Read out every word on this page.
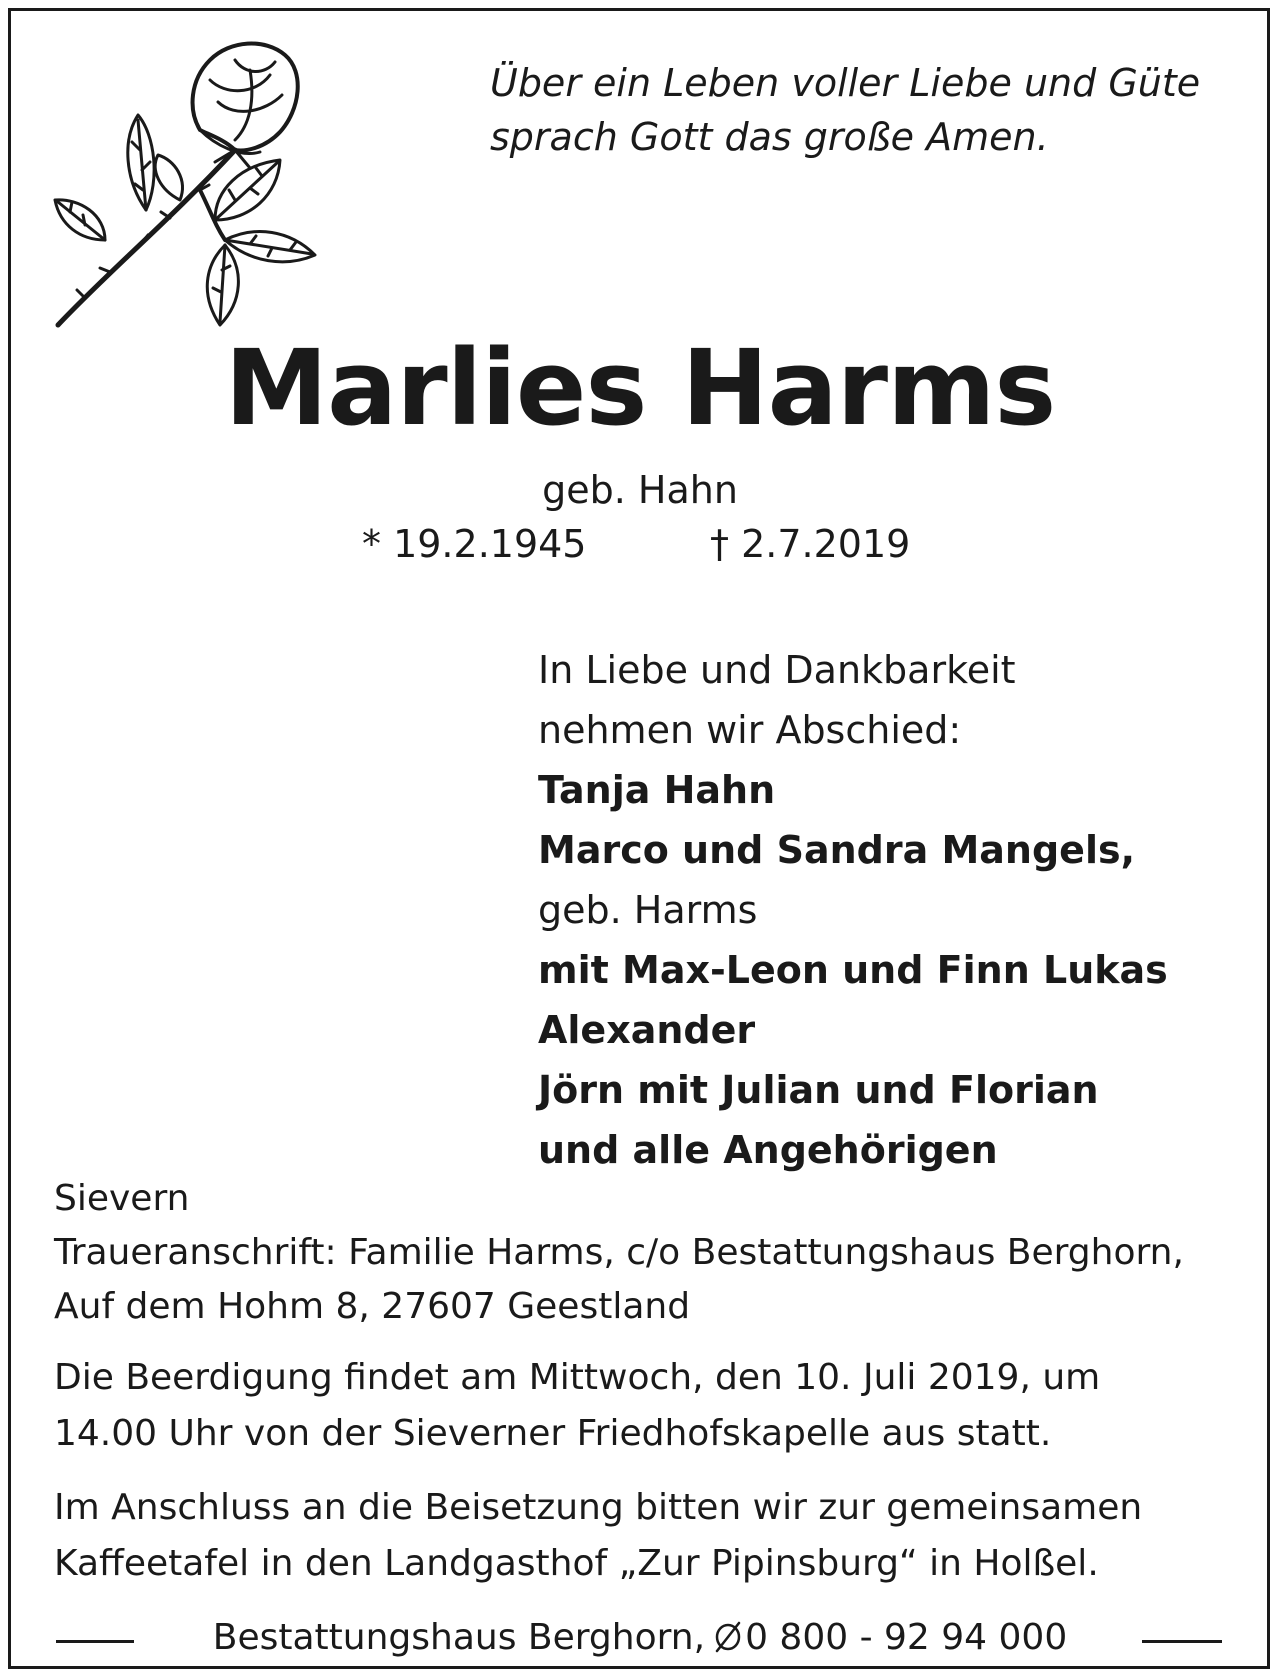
Über ein Leben voller Liebe und Güte
sprach Gott das große Amen.
Marlies Harms
geb. Hahn
* 19.2.1945	† 2.7.2019
In Liebe und Dankbarkeit
nehmen wir Abschied:
Tanja Hahn
Marco und Sandra Mangels,
geb. Harms
mit Max-Leon und Finn Lukas
Alexander
Jörn mit Julian und Florian
und alle Angehörigen
Sievern
Traueranschrift: Familie Harms, c/o Bestattungshaus Berghorn,
Auf dem Hohm 8, 27607 Geestland
Die Beerdigung findet am Mittwoch, den 10. Juli 2019, um
14.00 Uhr von der Sieverner Friedhofskapelle aus statt.
Im Anschluss an die Beisetzung bitten wir zur gemeinsamen
Kaffeetafel in den Landgasthof „Zur Pipinsburg“ in Holßel.
Bestattungshaus Berghorn, 0 800 - 92 94 000
